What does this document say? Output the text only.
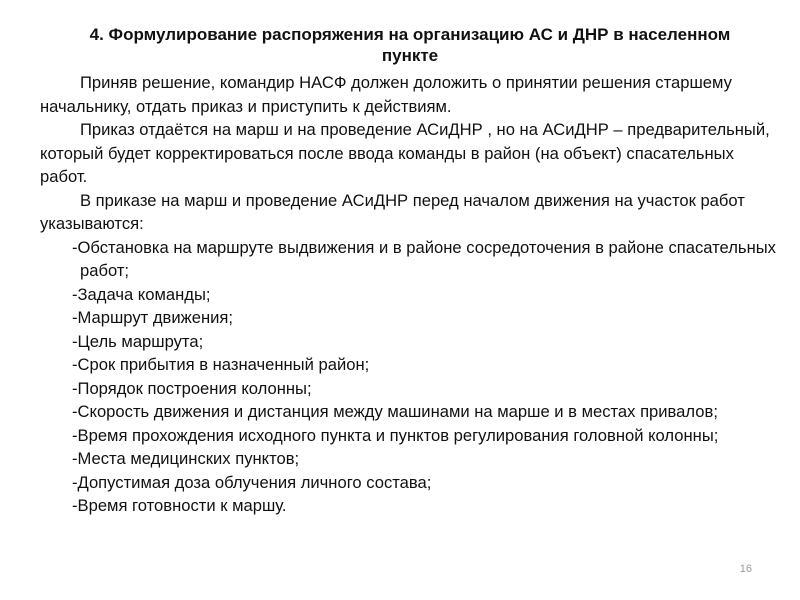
4. Формулирование распоряжения на организацию АС и ДНР в населенном пункте

Приняв решение, командир НАСФ должен доложить о принятии решения старшему начальнику, отдать приказ и приступить к действиям.

Приказ отдаётся на марш и на проведение АСиДНР , но на АСиДНР – предварительный, который будет корректироваться после ввода команды в район (на объект) спасательных работ.

В приказе на марш и проведение АСиДНР перед началом движения на участок работ указываются:

-Обстановка на маршруте выдвижения и в районе сосредоточения в районе спасательных работ;
-Задача команды;
-Маршрут движения;
-Цель маршрута;
-Срок прибытия в назначенный район;
-Порядок построения колонны;
-Скорость движения и дистанция между машинами на марше и в местах привалов;
-Время прохождения исходного пункта и пунктов регулирования головной колонны;
-Места медицинских пунктов;
-Допустимая доза облучения личного состава;
-Время готовности к маршу.
16
